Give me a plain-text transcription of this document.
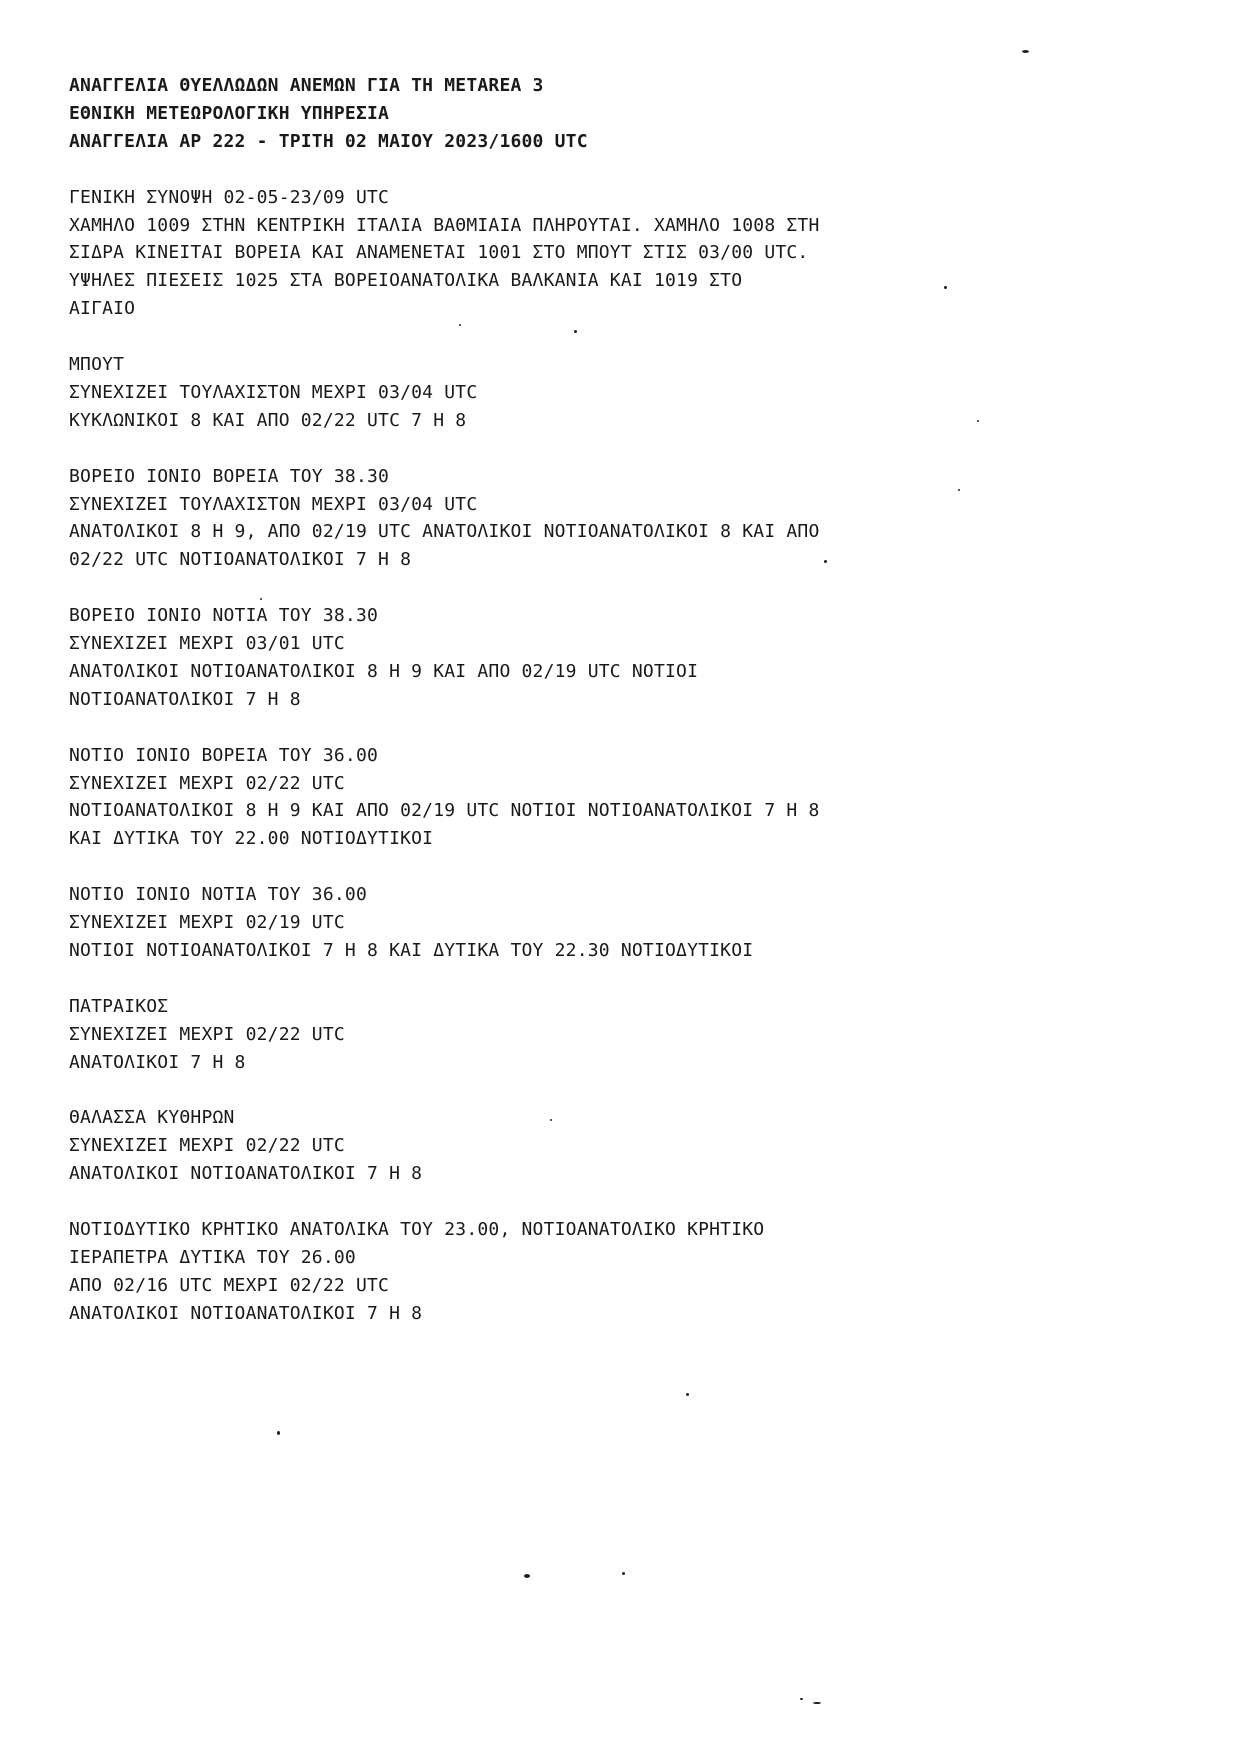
ΑΝΑΓΓΕΛΙΑ ΘΥΕΛΛΩΔΩΝ ΑΝΕΜΩΝ ΓΙΑ ΤΗ METAREA 3
ΕΘΝΙΚΗ ΜΕΤΕΩΡΟΛΟΓΙΚΗ ΥΠΗΡΕΣΙΑ
ΑΝΑΓΓΕΛΙΑ ΑΡ 222 - ΤΡΙΤΗ 02 ΜΑΙΟΥ 2023/1600 UTC
ΓΕΝΙΚΗ ΣΥΝΟΨΗ 02-05-23/09 UTC
ΧΑΜΗΛΟ 1009 ΣΤΗΝ ΚΕΝΤΡΙΚΗ ΙΤΑΛΙΑ ΒΑΘΜΙΑΙΑ ΠΛΗΡΟΥΤΑΙ. ΧΑΜΗΛΟ 1008 ΣΤΗ
ΣΙΔΡΑ ΚΙΝΕΙΤΑΙ ΒΟΡΕΙΑ ΚΑΙ ΑΝΑΜΕΝΕΤΑΙ 1001 ΣΤΟ ΜΠΟΥΤ ΣΤΙΣ 03/00 UTC.
ΥΨΗΛΕΣ ΠΙΕΣΕΙΣ 1025 ΣΤΑ ΒΟΡΕΙΟΑΝΑΤΟΛΙΚΑ ΒΑΛΚΑΝΙΑ ΚΑΙ 1019 ΣΤΟ
ΑΙΓΑΙΟ
ΜΠΟΥΤ
ΣΥΝΕΧΙΖΕΙ ΤΟΥΛΑΧΙΣΤΟΝ ΜΕΧΡΙ 03/04 UTC
ΚΥΚΛΩΝΙΚΟΙ 8 ΚΑΙ ΑΠΟ 02/22 UTC 7 Η 8
ΒΟΡΕΙΟ ΙΟΝΙΟ ΒΟΡΕΙΑ ΤΟΥ 38.30
ΣΥΝΕΧΙΖΕΙ ΤΟΥΛΑΧΙΣΤΟΝ ΜΕΧΡΙ 03/04 UTC
ΑΝΑΤΟΛΙΚΟΙ 8 Η 9, ΑΠΟ 02/19 UTC ΑΝΑΤΟΛΙΚΟΙ ΝΟΤΙΟΑΝΑΤΟΛΙΚΟΙ 8 ΚΑΙ ΑΠΟ
02/22 UTC ΝΟΤΙΟΑΝΑΤΟΛΙΚΟΙ 7 Η 8
ΒΟΡΕΙΟ ΙΟΝΙΟ ΝΟΤΙΑ ΤΟΥ 38.30
ΣΥΝΕΧΙΖΕΙ ΜΕΧΡΙ 03/01 UTC
ΑΝΑΤΟΛΙΚΟΙ ΝΟΤΙΟΑΝΑΤΟΛΙΚΟΙ 8 Η 9 ΚΑΙ ΑΠΟ 02/19 UTC ΝΟΤΙΟΙ
ΝΟΤΙΟΑΝΑΤΟΛΙΚΟΙ 7 Η 8
ΝΟΤΙΟ ΙΟΝΙΟ ΒΟΡΕΙΑ ΤΟΥ 36.00
ΣΥΝΕΧΙΖΕΙ ΜΕΧΡΙ 02/22 UTC
ΝΟΤΙΟΑΝΑΤΟΛΙΚΟΙ 8 Η 9 ΚΑΙ ΑΠΟ 02/19 UTC ΝΟΤΙΟΙ ΝΟΤΙΟΑΝΑΤΟΛΙΚΟΙ 7 Η 8
ΚΑΙ ΔΥΤΙΚΑ ΤΟΥ 22.00 ΝΟΤΙΟΔΥΤΙΚΟΙ
ΝΟΤΙΟ ΙΟΝΙΟ ΝΟΤΙΑ ΤΟΥ 36.00
ΣΥΝΕΧΙΖΕΙ ΜΕΧΡΙ 02/19 UTC
ΝΟΤΙΟΙ ΝΟΤΙΟΑΝΑΤΟΛΙΚΟΙ 7 Η 8 ΚΑΙ ΔΥΤΙΚΑ ΤΟΥ 22.30 ΝΟΤΙΟΔΥΤΙΚΟΙ
ΠΑΤΡΑΙΚΟΣ
ΣΥΝΕΧΙΖΕΙ ΜΕΧΡΙ 02/22 UTC
ΑΝΑΤΟΛΙΚΟΙ 7 Η 8
ΘΑΛΑΣΣΑ ΚΥΘΗΡΩΝ
ΣΥΝΕΧΙΖΕΙ ΜΕΧΡΙ 02/22 UTC
ΑΝΑΤΟΛΙΚΟΙ ΝΟΤΙΟΑΝΑΤΟΛΙΚΟΙ 7 Η 8
ΝΟΤΙΟΔΥΤΙΚΟ ΚΡΗΤΙΚΟ ΑΝΑΤΟΛΙΚΑ ΤΟΥ 23.00, ΝΟΤΙΟΑΝΑΤΟΛΙΚΟ ΚΡΗΤΙΚΟ
ΙΕΡΑΠΕΤΡΑ ΔΥΤΙΚΑ ΤΟΥ 26.00
ΑΠΟ 02/16 UTC ΜΕΧΡΙ 02/22 UTC
ΑΝΑΤΟΛΙΚΟΙ ΝΟΤΙΟΑΝΑΤΟΛΙΚΟΙ 7 Η 8
